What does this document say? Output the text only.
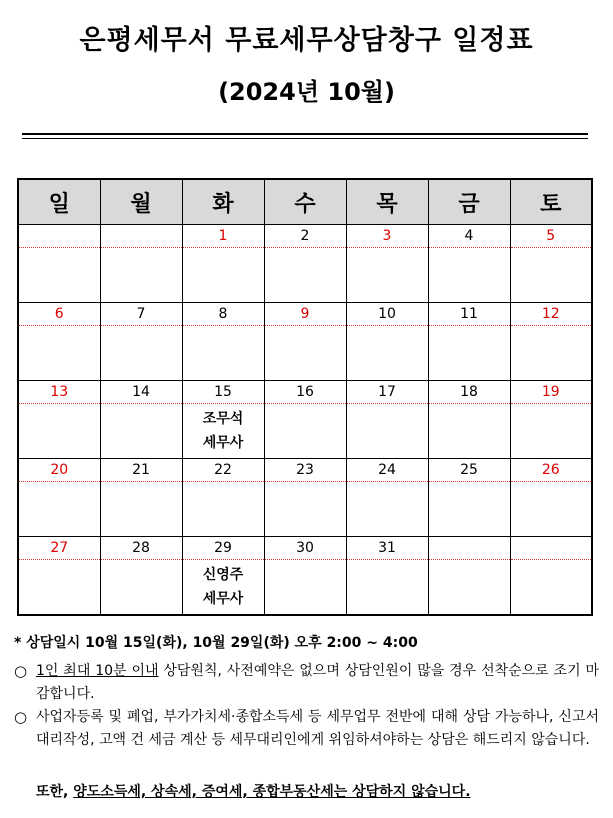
은평세무서 무료세무상담창구 일정표
(2024년 10월)
일	월	화	수	목	금	토
		1	2	3	4	5

6	7	8	9	10	11	12

13	14	15	16	17	18	19

		조무석
세무사				

20	21	22	23	24	25	26

27	28	29	30	31		

		신영주
세무사				

* 상담일시 10월 15일(화), 10월 29일(화) 오후 2:00 ~ 4:00
○ 1인 최대 10분 이내 상담원칙, 사전예약은 없으며 상담인원이 많을 경우 선착순으로 조기 마감합니다.
○ 사업자등록 및 폐업, 부가가치세·종합소득세 등 세무업무 전반에 대해 상담 가능하나, 신고서 대리작성, 고액 건 세금 계산 등 세무대리인에게 위임하셔야하는 상담은 해드리지 않습니다.
또한, 양도소득세, 상속세, 증여세, 종합부동산세는 상담하지 않습니다.
